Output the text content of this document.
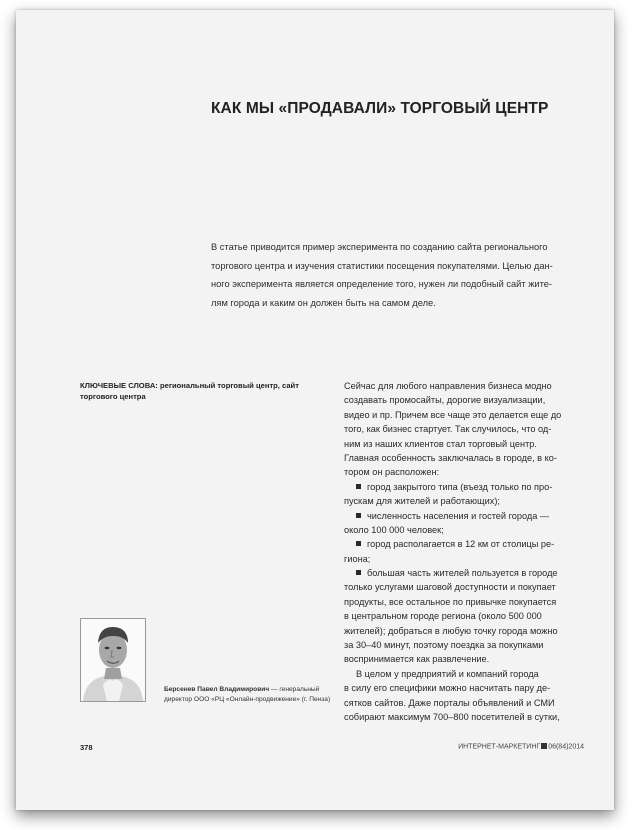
КАК МЫ «ПРОДАВАЛИ» ТОРГОВЫЙ ЦЕНТР
В статье приводится пример эксперимента по созданию сайта регионального
торгового центра и изучения статистики посещения покупателями. Целью дан-
ного эксперимента является определение того, нужен ли подобный сайт жите-
лям города и каким он должен быть на самом деле.
КЛЮЧЕВЫЕ СЛОВА: региональный торговый центр, сайт торгового центра
Берсенев Павел Владимирович — генеральный директор ООО «РЦ «Онлайн-продвижение» (г. Пенза)
Сейчас для любого направления бизнеса модно
создавать промосайты, дорогие визуализации,
видео и пр. Причем все чаще это делается еще до
того, как бизнес стартует. Так случилось, что од-
ним из наших клиентов стал торговый центр.
Главная особенность заключалась в городе, в ко-
тором он расположен:
город закрытого типа (въезд только по про-
пускам для жителей и работающих);
численность населения и гостей города —
около 100 000 человек;
город располагается в 12 км от столицы ре-
гиона;
большая часть жителей пользуется в городе
только услугами шаговой доступности и покупает
продукты, все остальное по привычке покупается
в центральном городе региона (около 500 000
жителей); добраться в любую точку города можно
за 30–40 минут, поэтому поездка за покупками
воспринимается как развлечение.
В целом у предприятий и компаний города
в силу его специфики можно насчитать пару де-
сятков сайтов. Даже порталы объявлений и СМИ
собирают максимум 700–800 посетителей в сутки,
378	ИНТЕРНЕТ-МАРКЕТИНГ 06(84)2014
